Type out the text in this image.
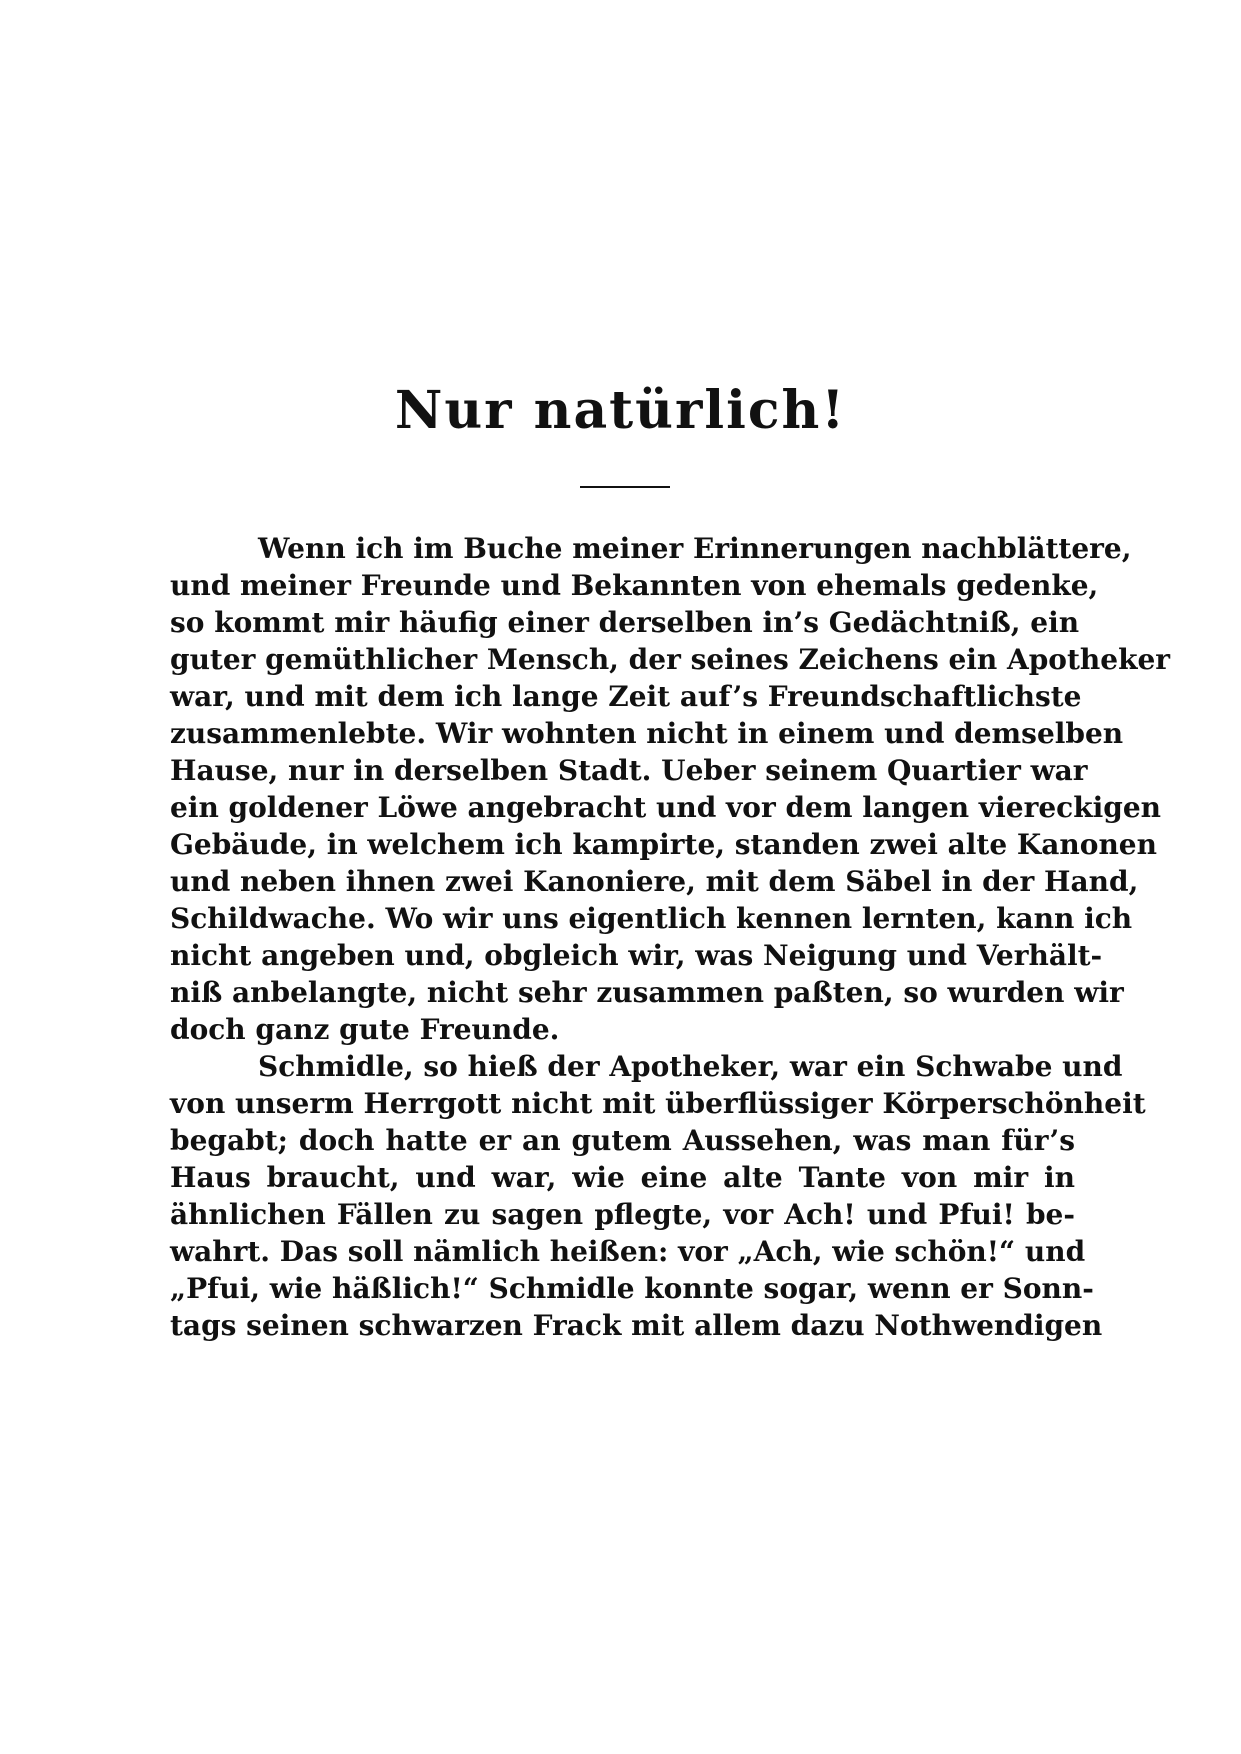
Nur natürlich!
Wenn ich im Buche meiner Erinnerungen nachblättere,
und meiner Freunde und Bekannten von ehemals gedenke,
so kommt mir häufig einer derselben in’s Gedächtniß, ein
guter gemüthlicher Mensch, der seines Zeichens ein Apotheker
war, und mit dem ich lange Zeit auf’s Freundschaftlichste
zusammenlebte. Wir wohnten nicht in einem und demselben
Hause, nur in derselben Stadt. Ueber seinem Quartier war
ein goldener Löwe angebracht und vor dem langen viereckigen
Gebäude, in welchem ich kampirte, standen zwei alte Kanonen
und neben ihnen zwei Kanoniere, mit dem Säbel in der Hand,
Schildwache. Wo wir uns eigentlich kennen lernten, kann ich
nicht angeben und, obgleich wir, was Neigung und Verhält-
niß anbelangte, nicht sehr zusammen paßten, so wurden wir
doch ganz gute Freunde.
Schmidle, so hieß der Apotheker, war ein Schwabe und
von unserm Herrgott nicht mit überflüssiger Körperschönheit
begabt; doch hatte er an gutem Aussehen, was man für’s
Haus braucht, und war, wie eine alte Tante von mir in
ähnlichen Fällen zu sagen pflegte, vor Ach! und Pfui! be-
wahrt. Das soll nämlich heißen: vor „Ach, wie schön!“ und
„Pfui, wie häßlich!“ Schmidle konnte sogar, wenn er Sonn-
tags seinen schwarzen Frack mit allem dazu Nothwendigen
